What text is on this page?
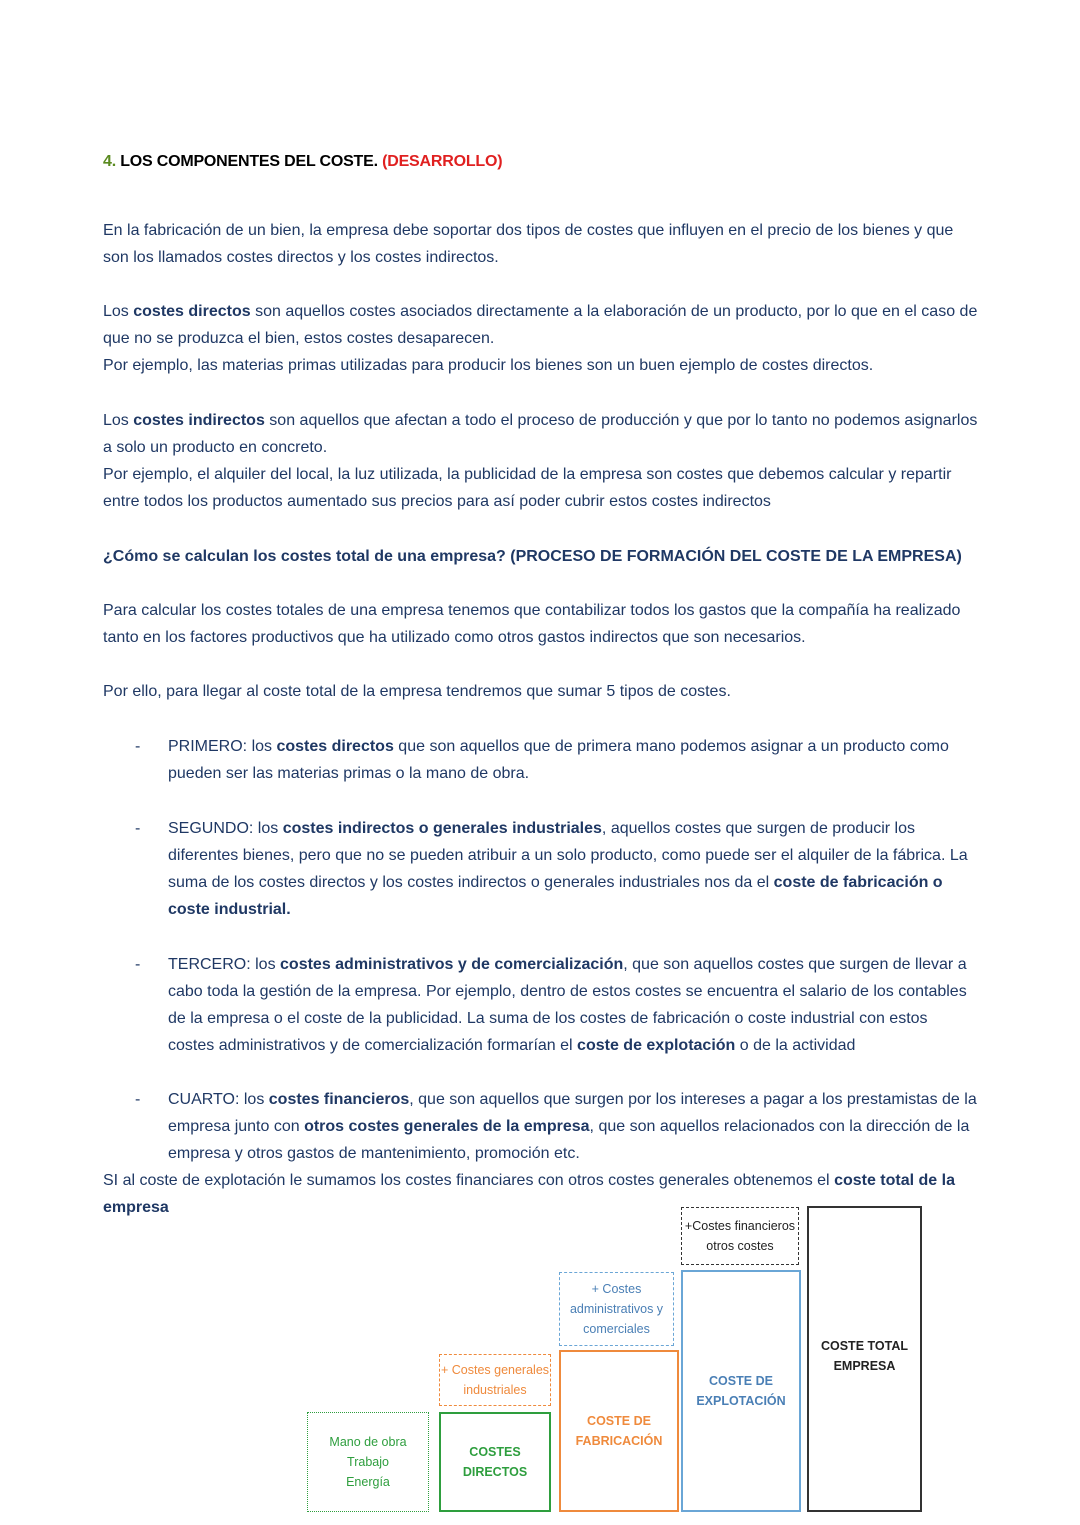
4. LOS COMPONENTES DEL COSTE. (DESARROLLO)

En la fabricación de un bien, la empresa debe soportar dos tipos de costes que influyen en el precio de los bienes y que son los llamados costes directos y los costes indirectos.

Los costes directos son aquellos costes asociados directamente a la elaboración de un producto, por lo que en el caso de que no se produzca el bien, estos costes desaparecen.

Por ejemplo, las materias primas utilizadas para producir los bienes son un buen ejemplo de costes directos.

Los costes indirectos son aquellos que afectan a todo el proceso de producción y que por lo tanto no podemos asignarlos a solo un producto en concreto.

Por ejemplo, el alquiler del local, la luz utilizada, la publicidad de la empresa son costes que debemos calcular y repartir entre todos los productos aumentado sus precios para así poder cubrir estos costes indirectos

¿Cómo se calculan los costes total de una empresa? (PROCESO DE FORMACIÓN DEL COSTE DE LA EMPRESA)
Para calcular los costes totales de una empresa tenemos que contabilizar todos los gastos que la compañía ha realizado tanto en los factores productivos que ha utilizado como otros gastos indirectos que son necesarios.
Por ello, para llegar al coste total de la empresa tendremos que sumar 5 tipos de costes.
- PRIMERO: los costes directos que son aquellos que de primera mano podemos asignar a un producto como pueden ser las materias primas o la mano de obra.
- SEGUNDO: los costes indirectos o generales industriales, aquellos costes que surgen de producir los diferentes bienes, pero que no se pueden atribuir a un solo producto, como puede ser el alquiler de la fábrica. La suma de los costes directos y los costes indirectos o generales industriales nos da el coste de fabricación o coste industrial.
- TERCERO: los costes administrativos y de comercialización, que son aquellos costes que surgen de llevar a cabo toda la gestión de la empresa. Por ejemplo, dentro de estos costes se encuentra el salario de los contables de la empresa o el coste de la publicidad. La suma de los costes de fabricación o coste industrial con estos costes administrativos y de comercialización formarían el coste de explotación o de la actividad
- CUARTO: los costes financieros, que son aquellos que surgen por los intereses a pagar a los prestamistas de la empresa junto con otros costes generales de la empresa, que son aquellos relacionados con la dirección de la empresa y otros gastos de mantenimiento, promoción etc.

SI al coste de explotación le sumamos los costes financiares con otros costes generales obtenemos el coste total de la empresa

Mano de obra
Trabajo
Energía
COSTES
DIRECTOS
+ Costes generales
industriales
COSTE DE
FABRICACIÓN
+ Costes
administrativos y
comerciales
COSTE DE
EXPLOTACIÓN
+Costes financieros
otros costes
COSTE TOTAL
EMPRESA
